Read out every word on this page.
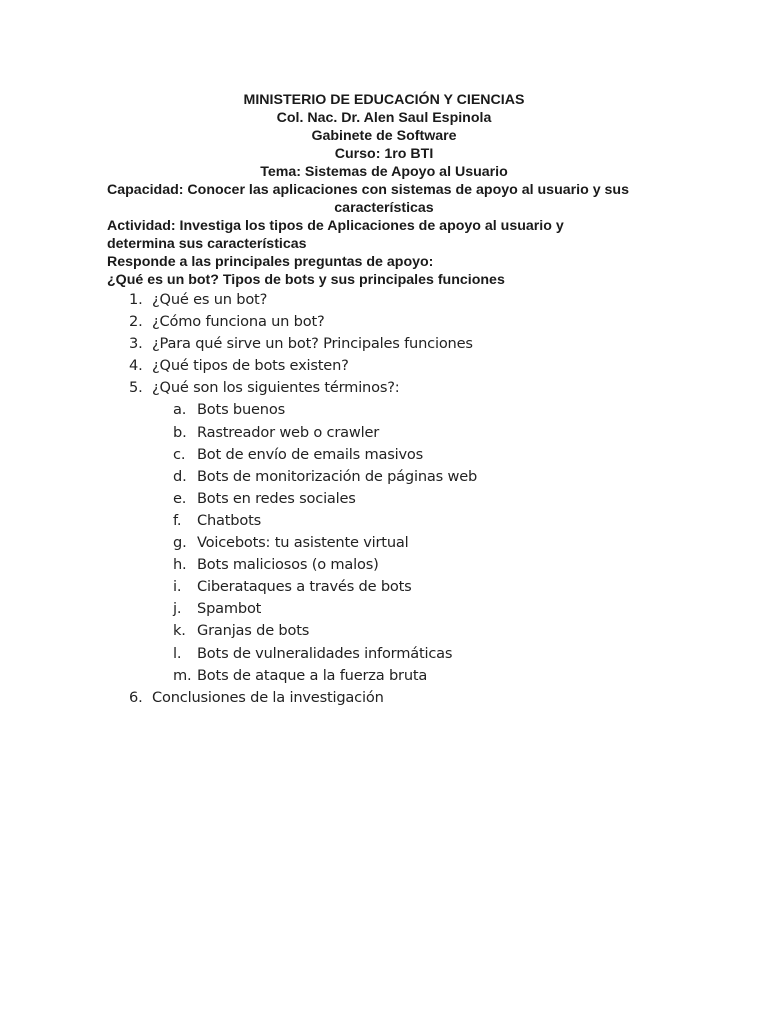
MINISTERIO DE EDUCACIÓN Y CIENCIAS
Col. Nac. Dr. Alen Saul Espinola
Gabinete de Software
Curso: 1ro BTI
Tema: Sistemas de Apoyo al Usuario
Capacidad: Conocer las aplicaciones con sistemas de apoyo al usuario y sus
características
Actividad: Investiga los tipos de Aplicaciones de apoyo al usuario y
determina sus características
Responde a las principales preguntas de apoyo:
¿Qué es un bot? Tipos de bots y sus principales funciones
1. ¿Qué es un bot?
2. ¿Cómo funciona un bot?
3. ¿Para qué sirve un bot? Principales funciones
4. ¿Qué tipos de bots existen?
5. ¿Qué son los siguientes términos?:
a. Bots buenos
b. Rastreador web o crawler
c. Bot de envío de emails masivos
d. Bots de monitorización de páginas web
e. Bots en redes sociales
f. Chatbots
g. Voicebots: tu asistente virtual
h. Bots maliciosos (o malos)
i. Ciberataques a través de bots
j. Spambot
k. Granjas de bots
l. Bots de vulneralidades informáticas
m. Bots de ataque a la fuerza bruta
6. Conclusiones de la investigación
